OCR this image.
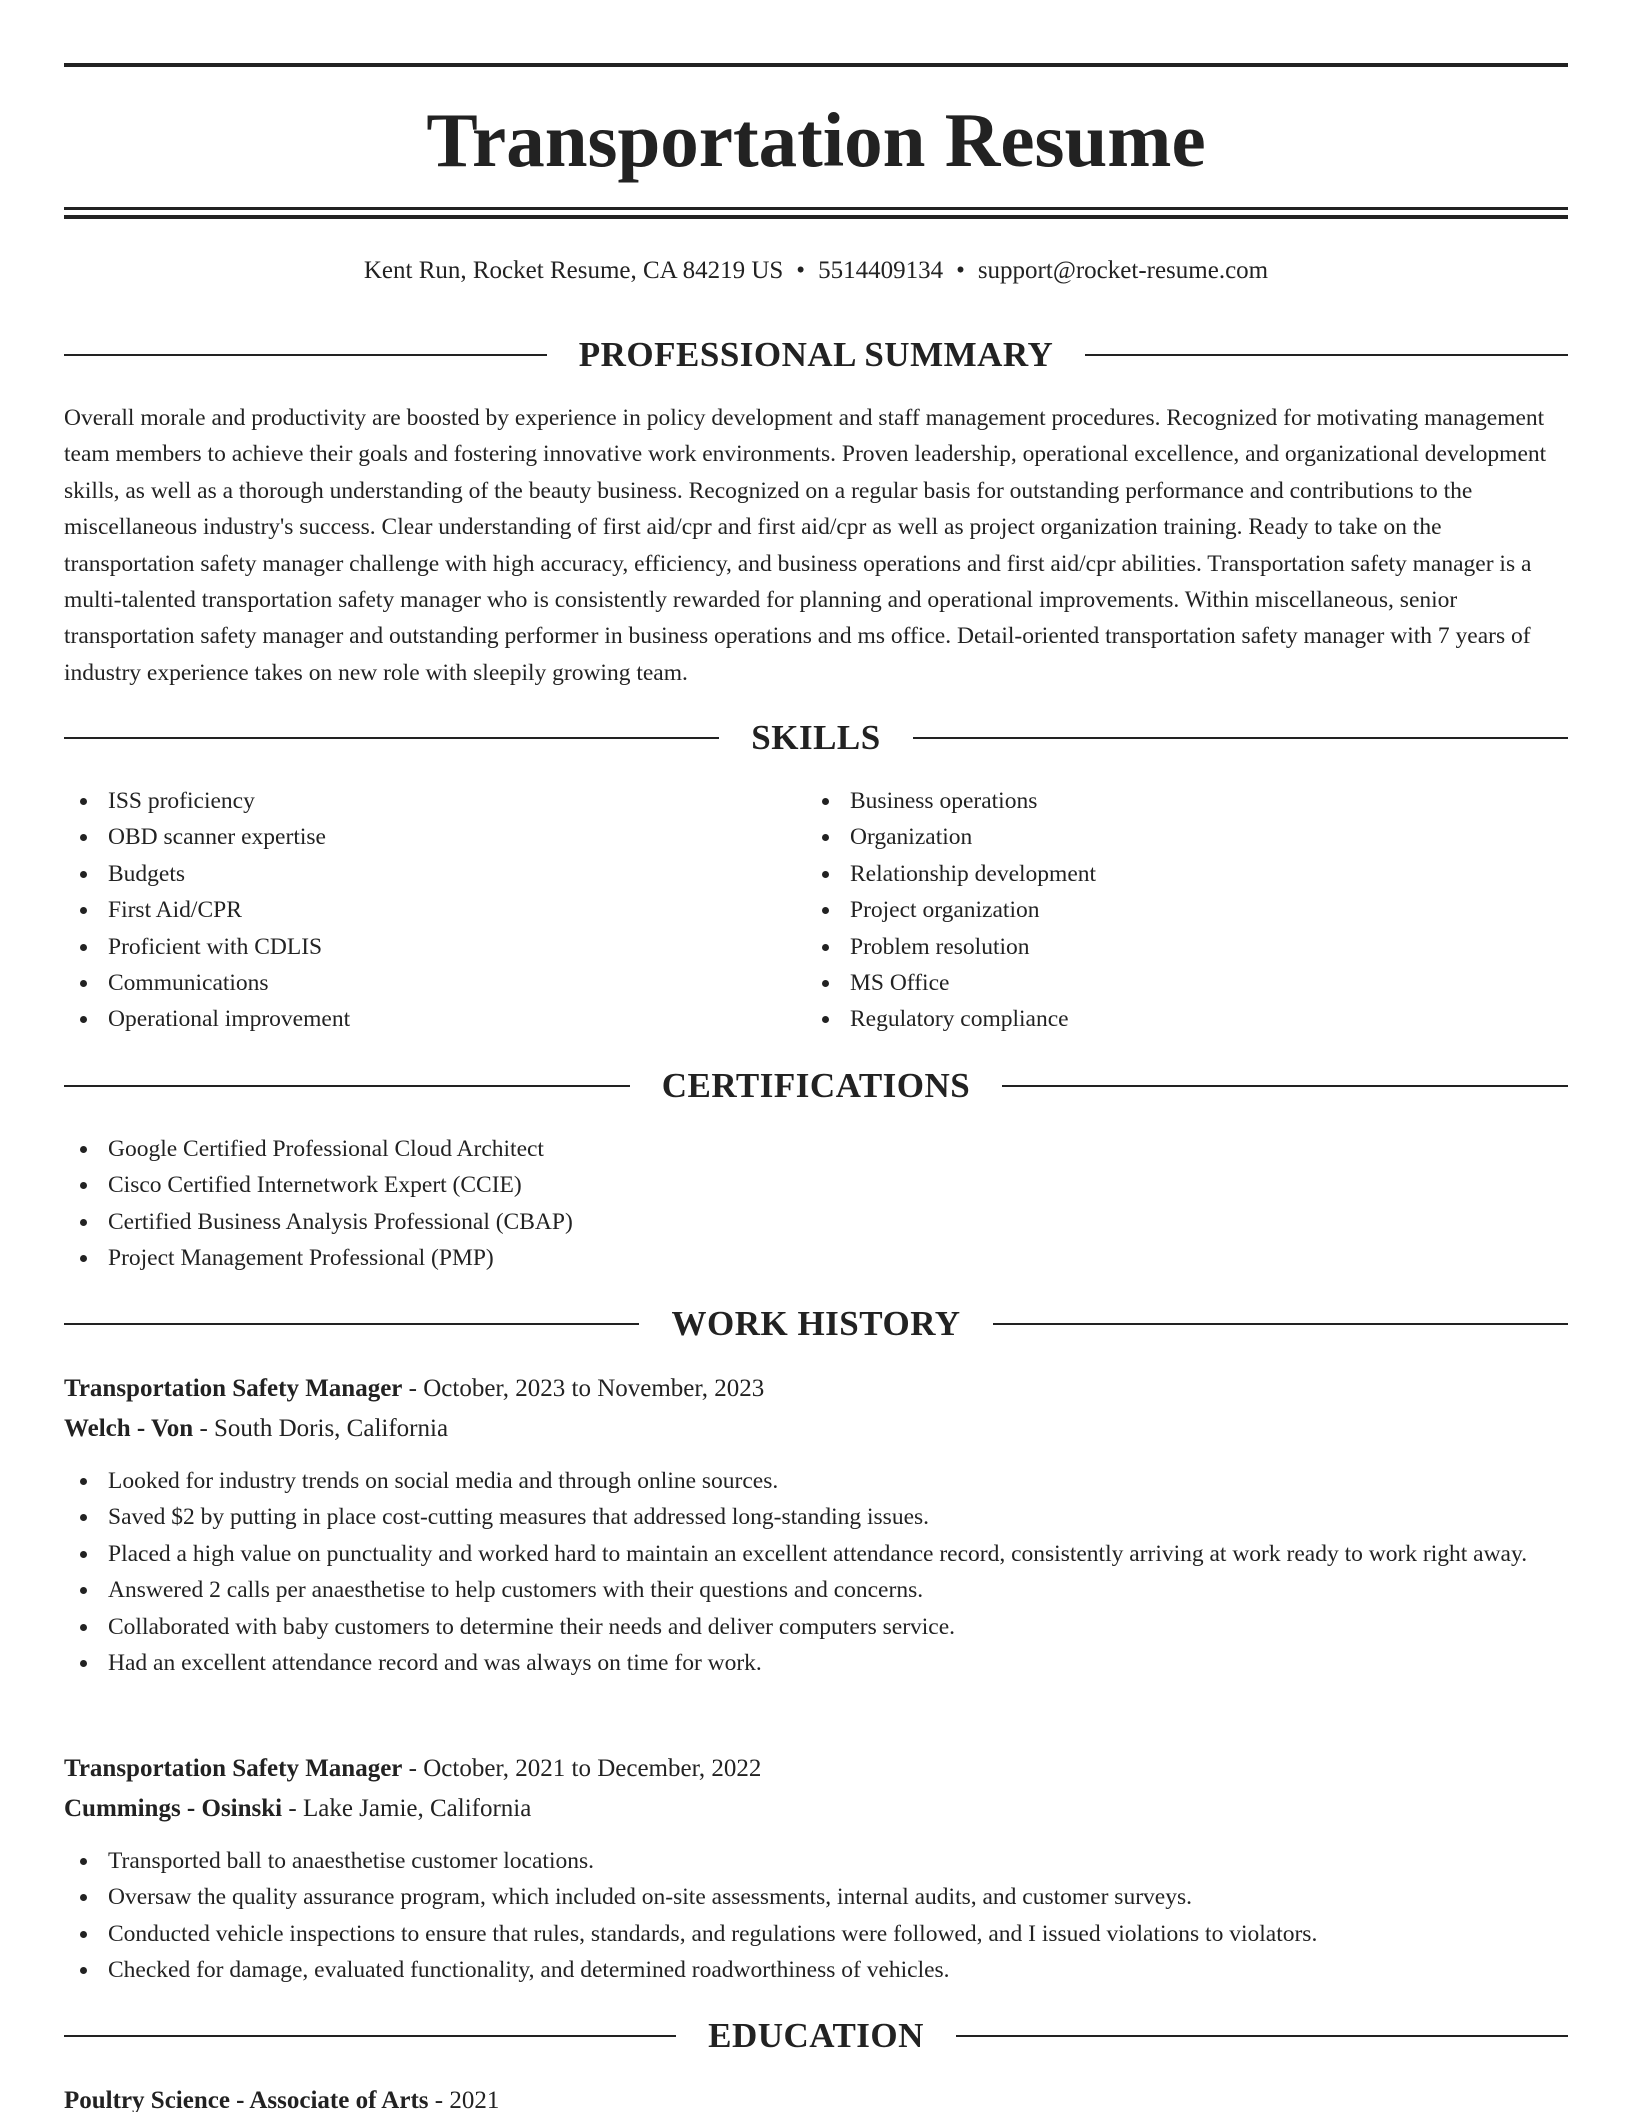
Transportation Resume
Kent Run, Rocket Resume, CA 84219 US • 5514409134 • support@rocket-resume.com
PROFESSIONAL SUMMARY

Overall morale and productivity are boosted by experience in policy development and staff management procedures. Recognized for motivating management team members to achieve their goals and fostering innovative work environments. Proven leadership, operational excellence, and organizational development skills, as well as a thorough understanding of the beauty business. Recognized on a regular basis for outstanding performance and contributions to the miscellaneous industry's success. Clear understanding of first aid/cpr and first aid/cpr as well as project organization training. Ready to take on the transportation safety manager challenge with high accuracy, efficiency, and business operations and first aid/cpr abilities. Transportation safety manager is a multi-talented transportation safety manager who is consistently rewarded for planning and operational improvements. Within miscellaneous, senior transportation safety manager and outstanding performer in business operations and ms office. Detail-oriented transportation safety manager with 7 years of industry experience takes on new role with sleepily growing team.

SKILLS
ISS proficiency
OBD scanner expertise
Budgets
First Aid/CPR
Proficient with CDLIS
Communications
Operational improvement
Business operations
Organization
Relationship development
Project organization
Problem resolution
MS Office
Regulatory compliance
CERTIFICATIONS
Google Certified Professional Cloud Architect
Cisco Certified Internetwork Expert (CCIE)
Certified Business Analysis Professional (CBAP)
Project Management Professional (PMP)
WORK HISTORY
Transportation Safety Manager - October, 2023 to November, 2023
Welch - Von - South Doris, California
Looked for industry trends on social media and through online sources.
Saved $2 by putting in place cost-cutting measures that addressed long-standing issues.
Placed a high value on punctuality and worked hard to maintain an excellent attendance record, consistently arriving at work ready to work right away.
Answered 2 calls per anaesthetise to help customers with their questions and concerns.
Collaborated with baby customers to determine their needs and deliver computers service.
Had an excellent attendance record and was always on time for work.
Transportation Safety Manager - October, 2021 to December, 2022
Cummings - Osinski - Lake Jamie, California
Transported ball to anaesthetise customer locations.
Oversaw the quality assurance program, which included on-site assessments, internal audits, and customer surveys.
Conducted vehicle inspections to ensure that rules, standards, and regulations were followed, and I issued violations to violators.
Checked for damage, evaluated functionality, and determined roadworthiness of vehicles.
EDUCATION
Poultry Science - Associate of Arts - 2021
